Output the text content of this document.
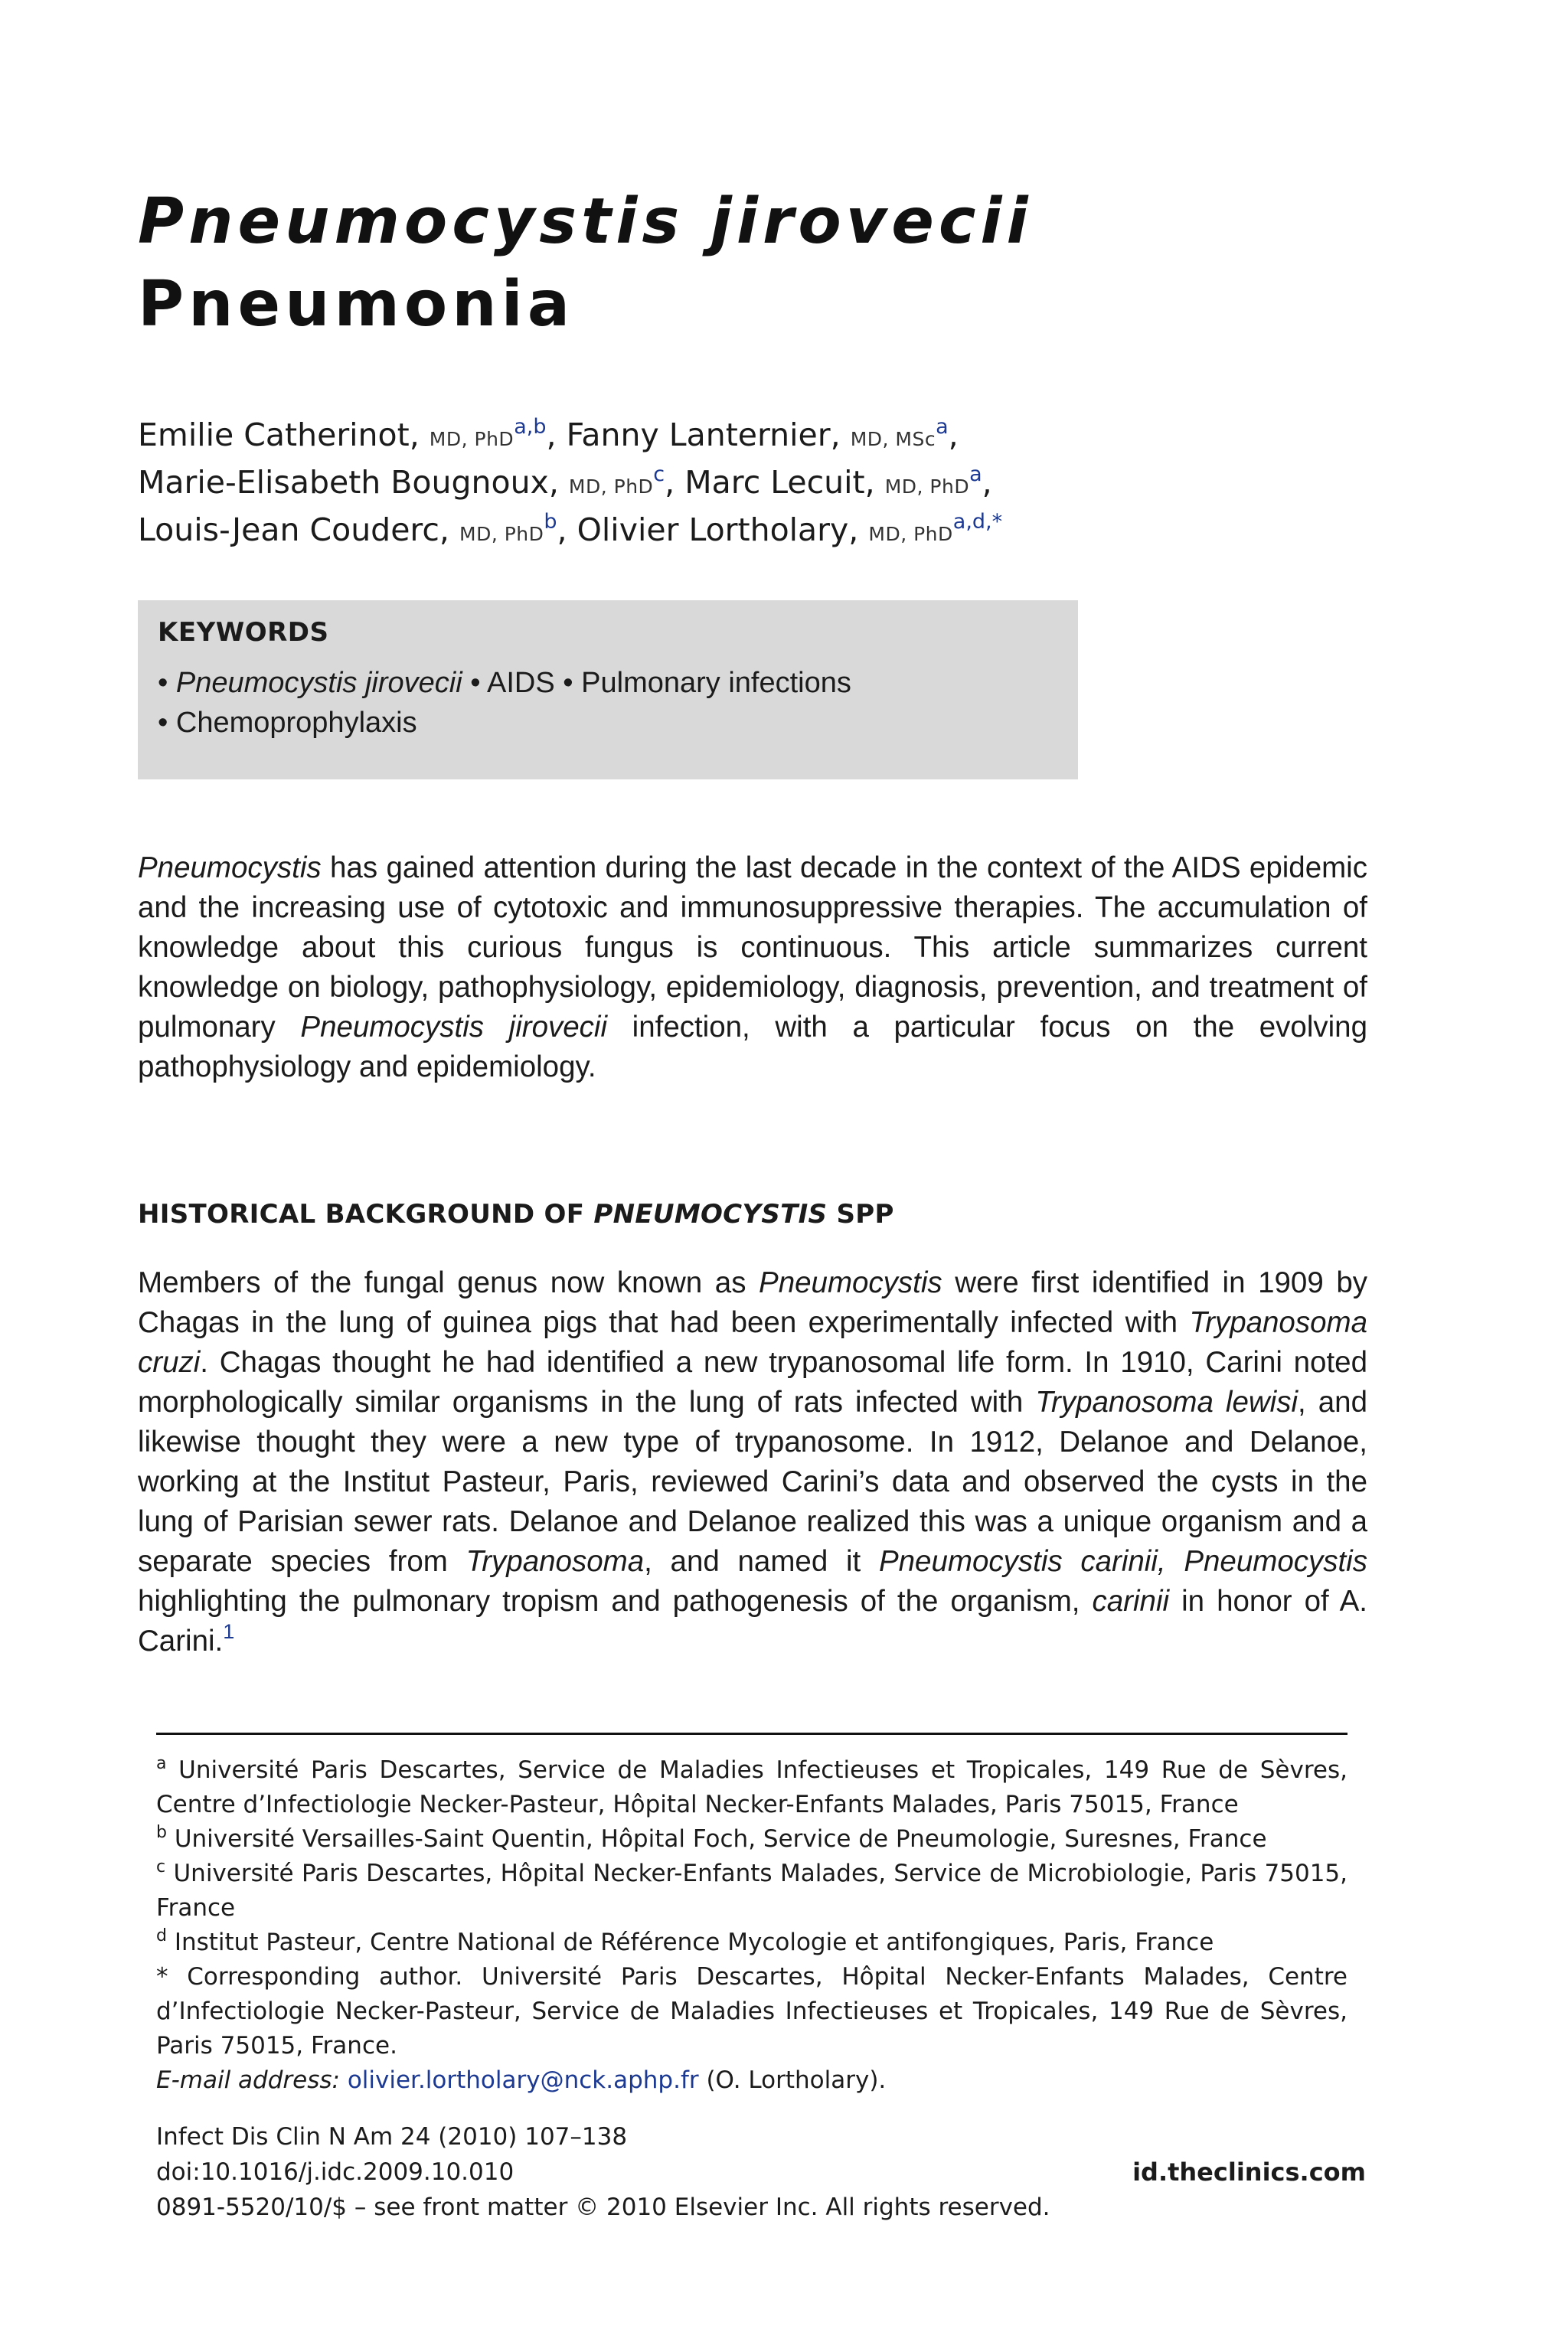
Pneumocystis jirovecii
Pneumonia
Emilie Catherinot, MD, PhD$^{a,b}$, Fanny Lanternier, MD, MSc$^a$,
Marie-Elisabeth Bougnoux, MD, PhD$^c$, Marc Lecuit, MD, PhD$^a$,
Louis-Jean Couderc, MD, PhD$^b$, Olivier Lortholary, MD, PhD$^{a,d,*}$
KEYWORDS
• Pneumocystis jirovecii • AIDS • Pulmonary infections
• Chemoprophylaxis

Pneumocystis has gained attention during the last decade in the context of the AIDS epidemic and the increasing use of cytotoxic and immunosuppressive therapies. The accumulation of knowledge about this curious fungus is continuous. This article summarizes current knowledge on biology, pathophysiology, epidemiology, diagnosis, prevention, and treatment of pulmonary Pneumocystis jirovecii infection, with a particular focus on the evolving pathophysiology and epidemiology.

HISTORICAL BACKGROUND OF PNEUMOCYSTIS SPP

Members of the fungal genus now known as Pneumocystis were first identified in 1909 by Chagas in the lung of guinea pigs that had been experimentally infected with Trypanosoma cruzi. Chagas thought he had identified a new trypanosomal life form. In 1910, Carini noted morphologically similar organisms in the lung of rats infected with Trypanosoma lewisi, and likewise thought they were a new type of trypanosome. In 1912, Delanoe and Delanoe, working at the Institut Pasteur, Paris, reviewed Carini’s data and observed the cysts in the lung of Parisian sewer rats. Delanoe and Delanoe realized this was a unique organism and a separate species from Trypanosoma, and named it Pneumocystis carinii, Pneumocystis highlighting the pulmonary tropism and pathogenesis of the organism, carinii in honor of A. Carini.$^1$

$^a$ Université Paris Descartes, Service de Maladies Infectieuses et Tropicales, 149 Rue de Sèvres, Centre d’Infectiologie Necker-Pasteur, Hôpital Necker-Enfants Malades, Paris 75015, France

$^b$ Université Versailles-Saint Quentin, Hôpital Foch, Service de Pneumologie, Suresnes, France

$^c$ Université Paris Descartes, Hôpital Necker-Enfants Malades, Service de Microbiologie, Paris 75015, France

$^d$ Institut Pasteur, Centre National de Référence Mycologie et antifongiques, Paris, France

* Corresponding author. Université Paris Descartes, Hôpital Necker-Enfants Malades, Centre d’Infectiologie Necker-Pasteur, Service de Maladies Infectieuses et Tropicales, 149 Rue de Sèvres, Paris 75015, France.

E-mail address: olivier.lortholary@nck.aphp.fr (O. Lortholary).

Infect Dis Clin N Am 24 (2010) 107–138
doi:10.1016/j.idc.2009.10.010
0891-5520/10/$ – see front matter © 2010 Elsevier Inc. All rights reserved.
id.theclinics.com
